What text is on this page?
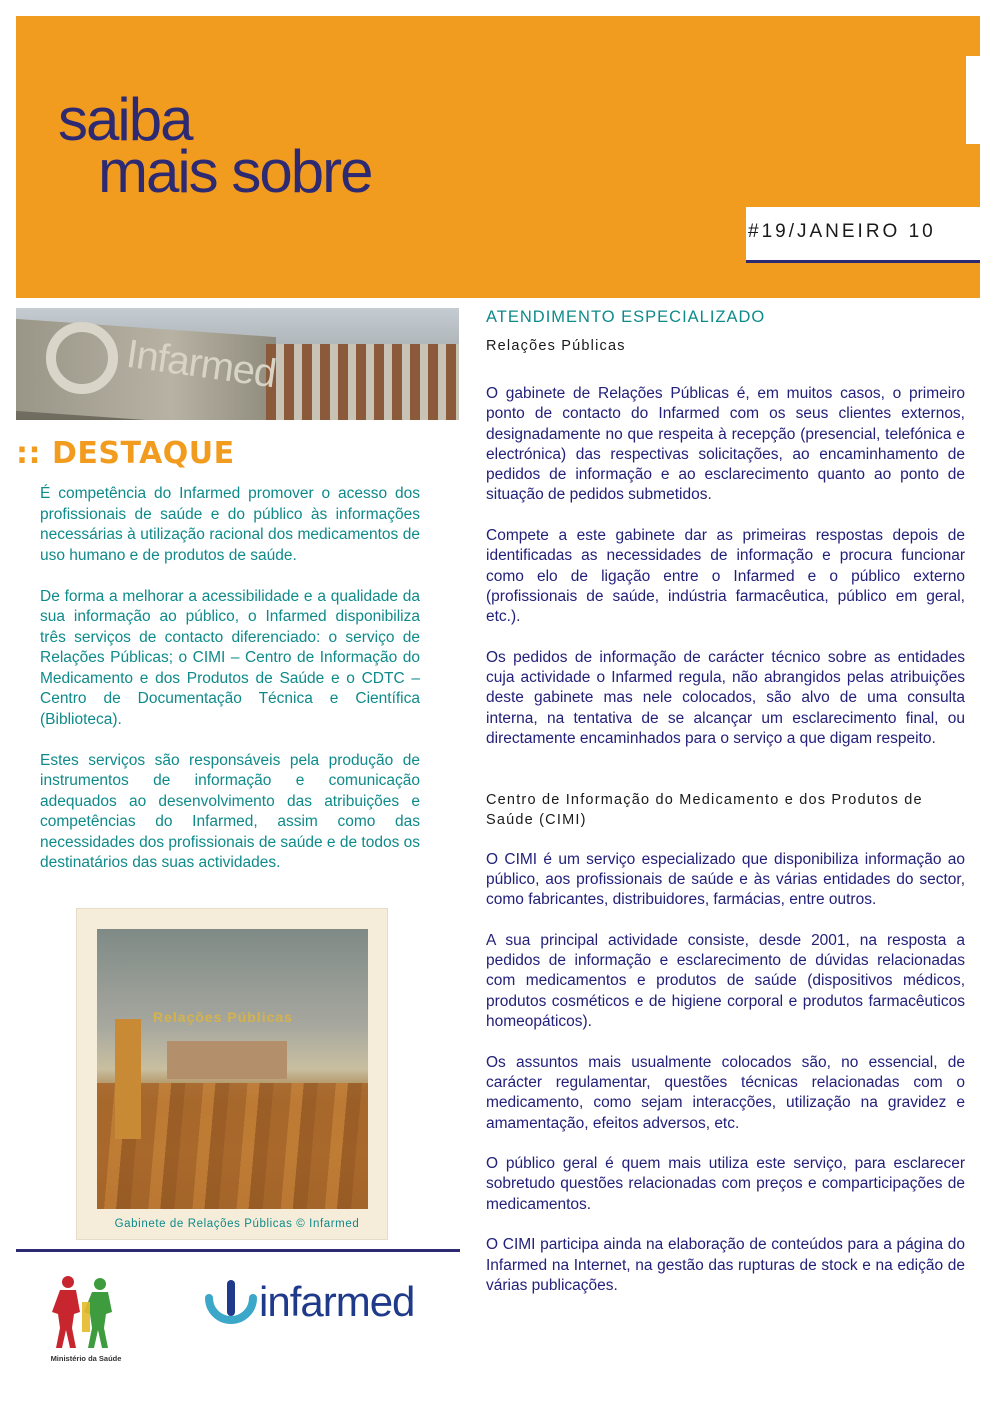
saiba
mais sobre
#19/JANEIRO 10
Infarmed
:: DESTAQUE

É competência do Infarmed promover o acesso dos profissionais de saúde e do público às informações necessárias à utilização racional dos medicamentos de uso humano e de produtos de saúde.

De forma a melhorar a acessibilidade e a qualidade da sua informação ao público, o Infarmed disponibiliza três serviços de contacto diferenciado: o serviço de Relações Públicas; o CIMI – Centro de Informação do Medicamento e dos Produtos de Saúde e o CDTC – Centro de Documentação Técnica e Científica (Biblioteca).

Estes serviços são responsáveis pela produção de instrumentos de informação e comunicação adequados ao desenvolvimento das atribuições e competências do Infarmed, assim como das necessidades dos profissionais de saúde e de todos os destinatários das suas actividades.

Relações Públicas
Gabinete de Relações Públicas © Infarmed
Ministério da Saúde
infarmed
ATENDIMENTO ESPECIALIZADO
Relações Públicas

O gabinete de Relações Públicas é, em muitos casos, o primeiro ponto de contacto do Infarmed com os seus clientes externos, designadamente no que respeita à recepção (presencial, telefónica e electrónica) das respectivas solicitações, ao encaminhamento de pedidos de informação e ao esclarecimento quanto ao ponto de situação de pedidos submetidos.

Compete a este gabinete dar as primeiras respostas depois de identificadas as necessidades de informação e procura funcionar como elo de ligação entre o Infarmed e o público externo (profissionais de saúde, indústria farmacêutica, público em geral, etc.).

Os pedidos de informação de carácter técnico sobre as entidades cuja actividade o Infarmed regula, não abrangidos pelas atribuições deste gabinete mas nele colocados, são alvo de uma consulta interna, na tentativa de se alcançar um esclarecimento final, ou directamente encaminhados para o serviço a que digam respeito.

Centro de Informação do Medicamento e dos Produtos de Saúde (CIMI)

O CIMI é um serviço especializado que disponibiliza informação ao público, aos profissionais de saúde e às várias entidades do sector, como fabricantes, distribuidores, farmácias, entre outros.

A sua principal actividade consiste, desde 2001, na resposta a pedidos de informação e esclarecimento de dúvidas relacionadas com medicamentos e produtos de saúde (dispositivos médicos, produtos cosméticos e de higiene corporal e produtos farmacêuticos homeopáticos).

Os assuntos mais usualmente colocados são, no essencial, de carácter regulamentar, questões técnicas relacionadas com o medicamento, como sejam interacções, utilização na gravidez e amamentação, efeitos adversos, etc.

O público geral é quem mais utiliza este serviço, para esclarecer sobretudo questões relacionadas com preços e comparticipações de medicamentos.

O CIMI participa ainda na elaboração de conteúdos para a página do Infarmed na Internet, na gestão das rupturas de stock e na edição de várias publicações.
